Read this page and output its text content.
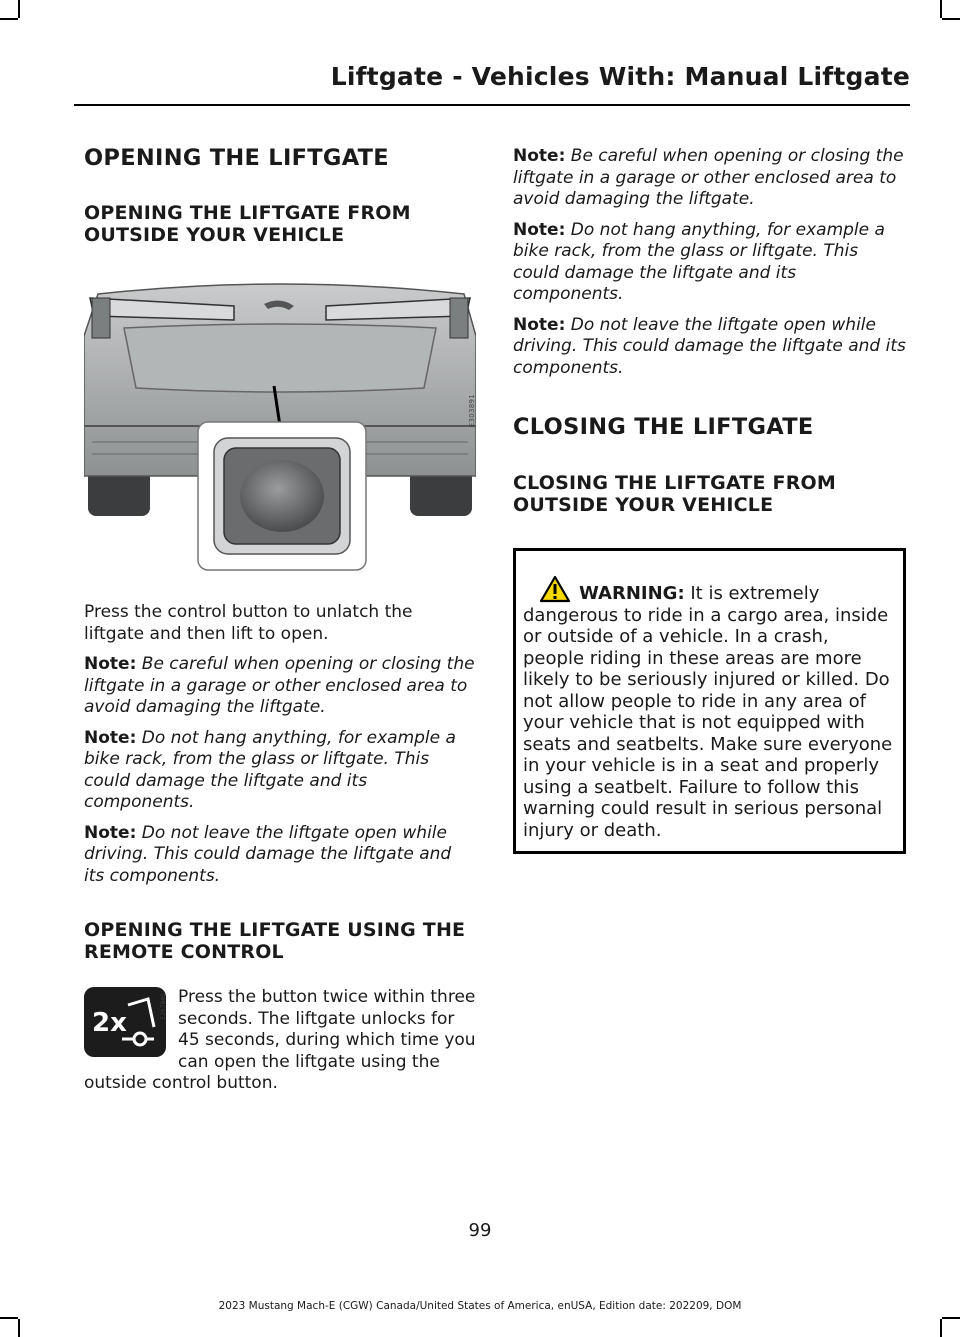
Liftgate - Vehicles With: Manual Liftgate
OPENING THE LIFTGATE
OPENING THE LIFTGATE FROM OUTSIDE YOUR VEHICLE
E303891

Press the control button to unlatch the liftgate and then lift to open.

Note: Be careful when opening or closing the liftgate in a garage or other enclosed area to avoid damaging the liftgate.

Note: Do not hang anything, for example a bike rack, from the glass or liftgate. This could damage the liftgate and its components.

Note: Do not leave the liftgate open while driving. This could damage the liftgate and its components.

OPENING THE LIFTGATE USING THE REMOTE CONTROL
2x
E267940 Press the button twice within three seconds. The liftgate unlocks for 45 seconds, during which time you can open the liftgate using the outside control button.

Note: Be careful when opening or closing the liftgate in a garage or other enclosed area to avoid damaging the liftgate.

Note: Do not hang anything, for example a bike rack, from the glass or liftgate. This could damage the liftgate and its components.

Note: Do not leave the liftgate open while driving. This could damage the liftgate and its components.

CLOSING THE LIFTGATE
CLOSING THE LIFTGATE FROM OUTSIDE YOUR VEHICLE

WARNING: It is extremely dangerous to ride in a cargo area, inside or outside of a vehicle. In a crash, people riding in these areas are more likely to be seriously injured or killed. Do not allow people to ride in any area of your vehicle that is not equipped with seats and seatbelts. Make sure everyone in your vehicle is in a seat and properly using a seatbelt. Failure to follow this warning could result in serious personal injury or death.

99
2023 Mustang Mach-E (CGW) Canada/United States of America, enUSA, Edition date: 202209, DOM
